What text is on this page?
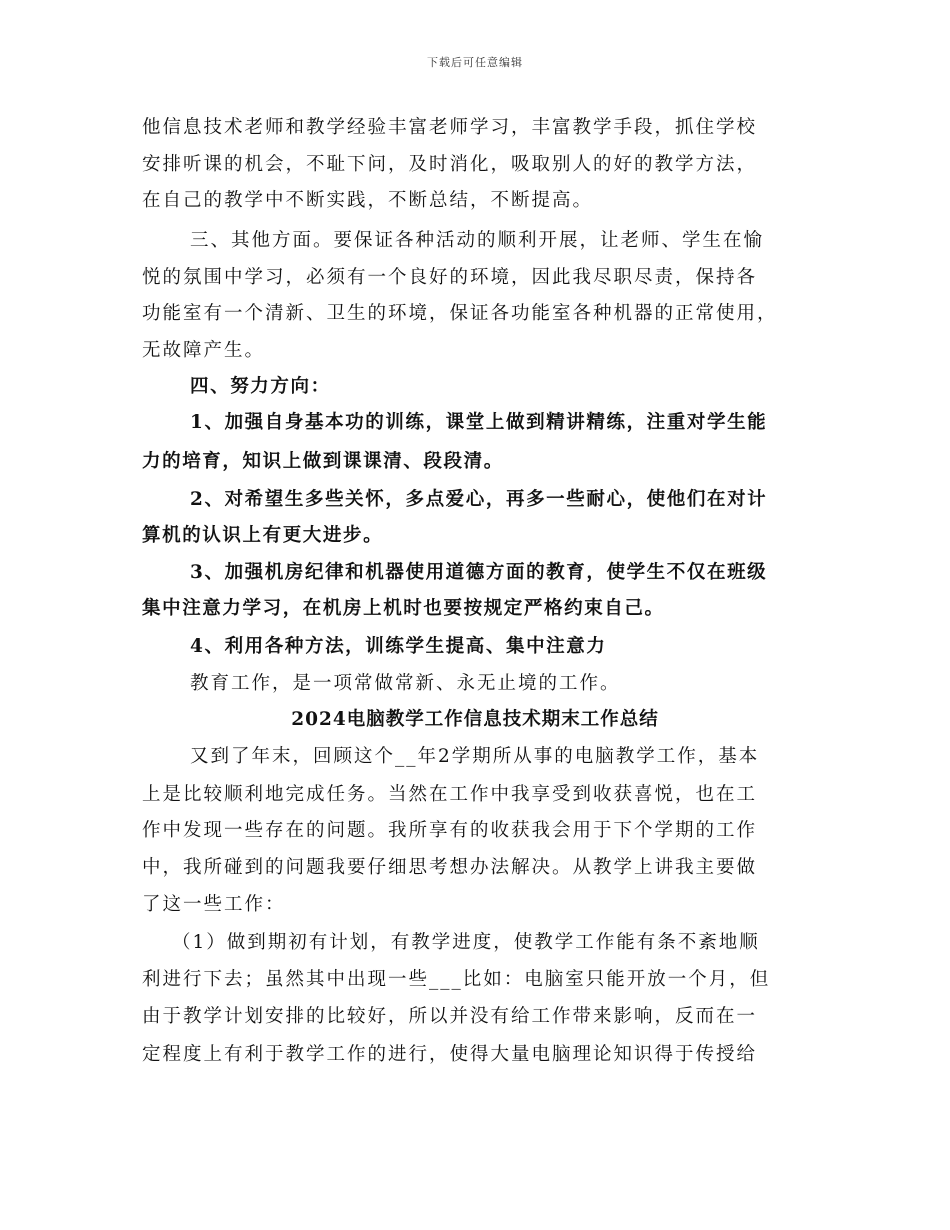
下载后可任意编辑
他信息技术老师和教学经验丰富老师学习，丰富教学手段，抓住学校
安排听课的机会，不耻下问，及时消化，吸取别人的好的教学方法，
在自己的教学中不断实践，不断总结，不断提高。
三、其他方面。要保证各种活动的顺利开展，让老师、学生在愉
悦的氛围中学习，必须有一个良好的环境，因此我尽职尽责，保持各
功能室有一个清新、卫生的环境，保证各功能室各种机器的正常使用，
无故障产生。
四、努力方向：
1、加强自身基本功的训练，课堂上做到精讲精练，注重对学生能
力的培育，知识上做到课课清、段段清。
2、对希望生多些关怀，多点爱心，再多一些耐心，使他们在对计
算机的认识上有更大进步。
3、加强机房纪律和机器使用道德方面的教育，使学生不仅在班级
集中注意力学习，在机房上机时也要按规定严格约束自己。
4、利用各种方法，训练学生提高、集中注意力
教育工作，是一项常做常新、永无止境的工作。
2024电脑教学工作信息技术期末工作总结
又到了年末，回顾这个__年2学期所从事的电脑教学工作，基本
上是比较顺利地完成任务。当然在工作中我享受到收获喜悦，也在工
作中发现一些存在的问题。我所享有的收获我会用于下个学期的工作
中，我所碰到的问题我要仔细思考想办法解决。从教学上讲我主要做
了这一些工作：
（1）做到期初有计划，有教学进度，使教学工作能有条不紊地顺
利进行下去；虽然其中出现一些___比如：电脑室只能开放一个月，但
由于教学计划安排的比较好，所以并没有给工作带来影响，反而在一
定程度上有利于教学工作的进行，使得大量电脑理论知识得于传授给
